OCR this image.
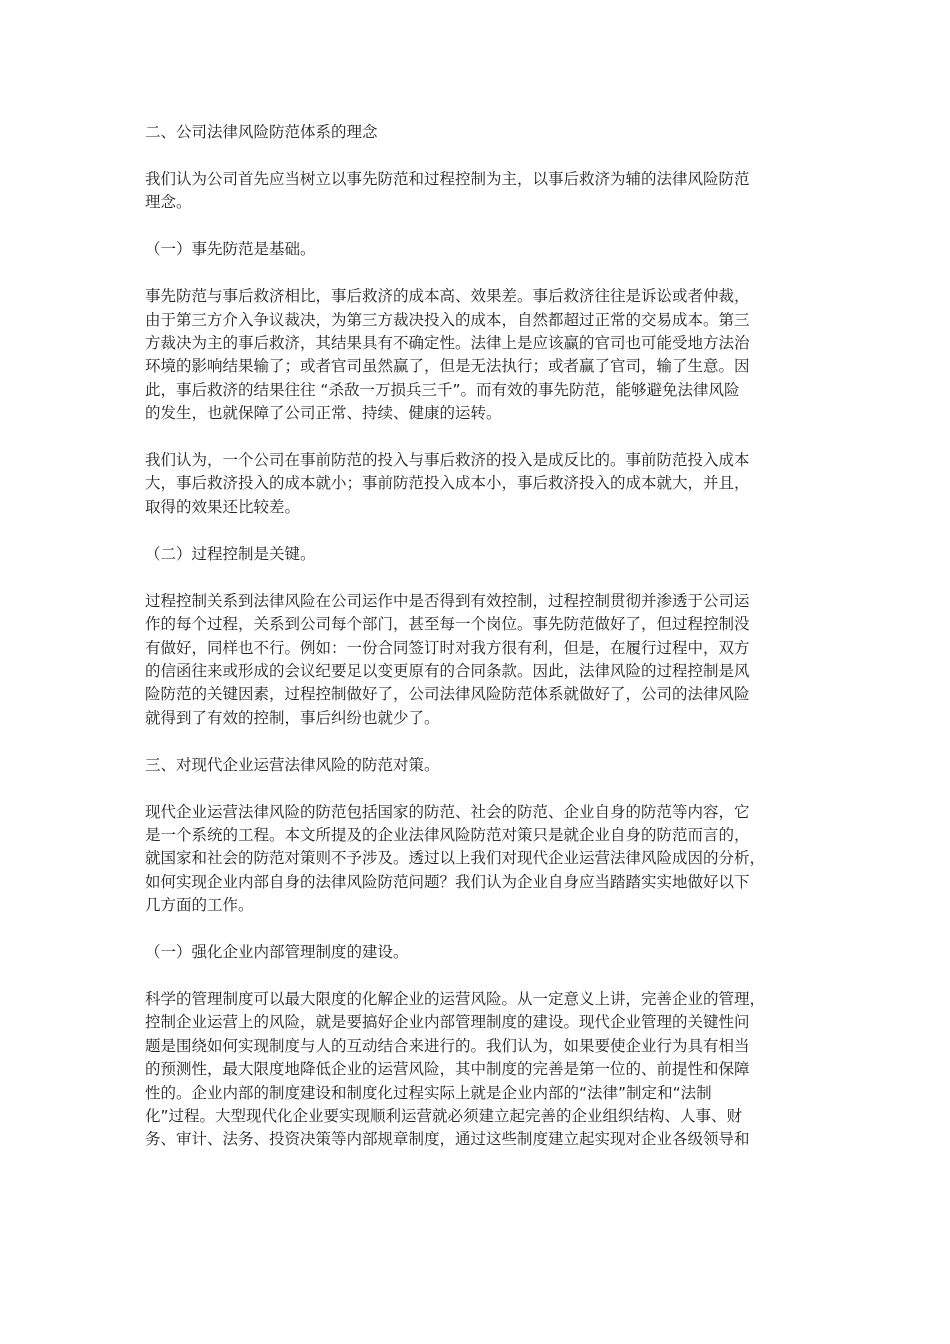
二、公司法律风险防范体系的理念

我们认为公司首先应当树立以事先防范和过程控制为主，以事后救济为辅的法律风险防范
理念。

（一）事先防范是基础。

事先防范与事后救济相比，事后救济的成本高、效果差。事后救济往往是诉讼或者仲裁，
由于第三方介入争议裁决，为第三方裁决投入的成本，自然都超过正常的交易成本。第三
方裁决为主的事后救济，其结果具有不确定性。法律上是应该赢的官司也可能受地方法治
环境的影响结果输了；或者官司虽然赢了，但是无法执行；或者赢了官司，输了生意。因
此，事后救济的结果往往 “杀敌一万损兵三千”。而有效的事先防范，能够避免法律风险
的发生，也就保障了公司正常、持续、健康的运转。

我们认为，一个公司在事前防范的投入与事后救济的投入是成反比的。事前防范投入成本
大，事后救济投入的成本就小；事前防范投入成本小，事后救济投入的成本就大，并且，
取得的效果还比较差。

（二）过程控制是关键。

过程控制关系到法律风险在公司运作中是否得到有效控制，过程控制贯彻并渗透于公司运
作的每个过程，关系到公司每个部门，甚至每一个岗位。事先防范做好了，但过程控制没
有做好，同样也不行。例如：一份合同签订时对我方很有利，但是，在履行过程中，双方
的信函往来或形成的会议纪要足以变更原有的合同条款。因此，法律风险的过程控制是风
险防范的关键因素，过程控制做好了，公司法律风险防范体系就做好了，公司的法律风险
就得到了有效的控制，事后纠纷也就少了。

三、对现代企业运营法律风险的防范对策。

现代企业运营法律风险的防范包括国家的防范、社会的防范、企业自身的防范等内容，它
是一个系统的工程。本文所提及的企业法律风险防范对策只是就企业自身的防范而言的，
就国家和社会的防范对策则不予涉及。透过以上我们对现代企业运营法律风险成因的分析，
如何实现企业内部自身的法律风险防范问题？我们认为企业自身应当踏踏实实地做好以下
几方面的工作。

（一）强化企业内部管理制度的建设。

科学的管理制度可以最大限度的化解企业的运营风险。从一定意义上讲，完善企业的管理，
控制企业运营上的风险，就是要搞好企业内部管理制度的建设。现代企业管理的关键性问
题是围绕如何实现制度与人的互动结合来进行的。我们认为，如果要使企业行为具有相当
的预测性，最大限度地降低企业的运营风险，其中制度的完善是第一位的、前提性和保障
性的。企业内部的制度建设和制度化过程实际上就是企业内部的“法律”制定和“法制
化”过程。大型现代化企业要实现顺利运营就必须建立起完善的企业组织结构、人事、财
务、审计、法务、投资决策等内部规章制度，通过这些制度建立起实现对企业各级领导和
